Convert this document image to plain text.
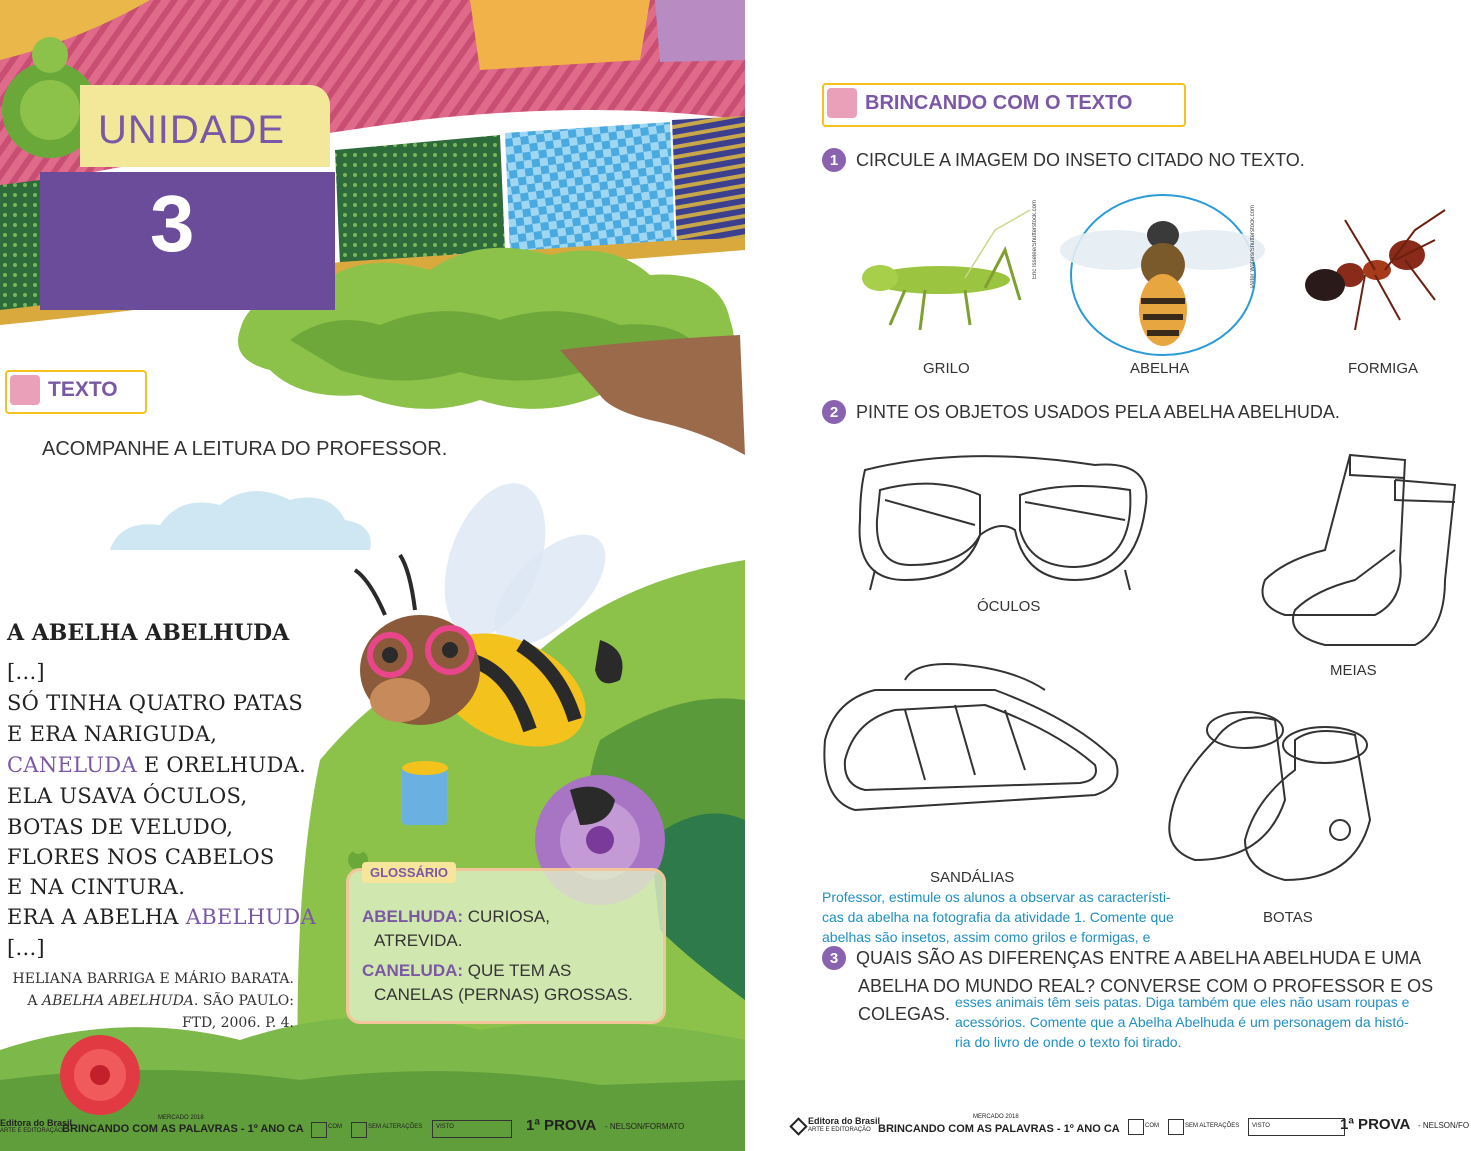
UNIDADE
3
TEXTO
ACOMPANHE A LEITURA DO PROFESSOR.
A ABELHA ABELHUDA
[...]
SÓ TINHA QUATRO PATAS
E ERA NARIGUDA,
CANELUDA E ORELHUDA.
ELA USAVA ÓCULOS,
BOTAS DE VELUDO,
FLORES NOS CABELOS
E NA CINTURA.
ERA A ABELHA ABELHUDA
[...]
HELIANA BARRIGA E MÁRIO BARATA.
A ABELHA ABELHUDA. SÃO PAULO:
FTD, 2006. P. 4.
GLOSSÁRIO
ABELHUDA: CURIOSA,
ATREVIDA.
CANELUDA: QUE TEM AS
CANELAS (PERNAS) GROSSAS.
Editora do Brasil
ARTE E EDITORAÇÃO
MERCADO 2018
BRINCANDO COM AS PALAVRAS - 1º ANO CA	COM	SEM ALTERAÇÕES VISTO	1ª PROVA - NELSON/FORMATO
BRINCANDO COM O TEXTO
1 CIRCULE A IMAGEM DO INSETO CITADO NO TEXTO.
Eric Isselee/Shutterstock.com	Peter Waters/Shutterstock.com
GRILO	ABELHA	FORMIGA
2 PINTE OS OBJETOS USADOS PELA ABELHA ABELHUDA.
ÓCULOS
MEIAS
SANDÁLIAS
BOTAS
Professor, estimule os alunos a observar as característi-
cas da abelha na fotografia da atividade 1. Comente que
abelhas são insetos, assim como grilos e formigas, e
3 QUAIS SÃO AS DIFERENÇAS ENTRE A ABELHA ABELHUDA E UMA
ABELHA DO MUNDO REAL? CONVERSE COM O PROFESSOR E OS
COLEGAS.
esses animais têm seis patas. Diga também que eles não usam roupas e
acessórios. Comente que a Abelha Abelhuda é um personagem da histó-
ria do livro de onde o texto foi tirado.
Editora do Brasil
ARTE E EDITORAÇÃO
MERCADO 2018
BRINCANDO COM AS PALAVRAS - 1º ANO CA	COM	SEM ALTERAÇÕES VISTO	1ª PROVA - NELSON/FO
